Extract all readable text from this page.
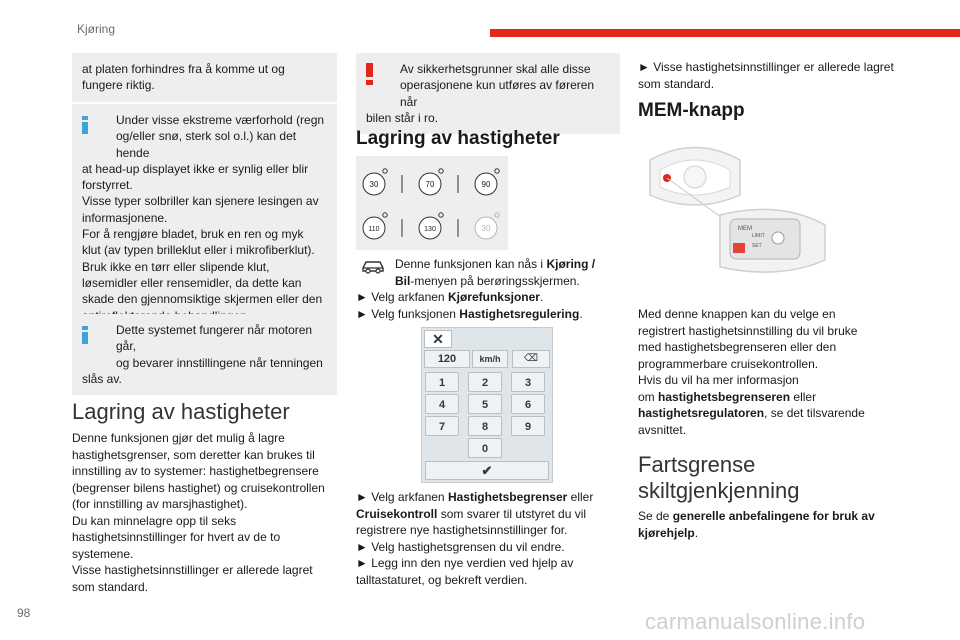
Kjøring
98	carmanualsonline.info
at platen forhindres fra å komme ut og
fungere riktig.
Under visse ekstreme værforhold (regn
og/eller snø, sterk sol o.l.) kan det hende
at head-up displayet ikke er synlig eller blir
forstyrret.
Visse typer solbriller kan sjenere lesingen av
informasjonene.
For å rengjøre bladet, bruk en ren og myk
klut (av typen brilleklut eller i mikrofiberklut).
Bruk ikke en tørr eller slipende klut,
løsemidler eller rensemidler, da dette kan
skade den gjennomsiktige skjermen eller den
Dette systemet fungerer når motoren går,
og bevarer innstillingene når tenningen
slås av.
Lagring av hastigheter
Denne funksjonen gjør det mulig å lagre
hastighetsgrenser, som deretter kan brukes til
innstilling av to systemer: hastighetbegrensere
(begrenser bilens hastighet) og cruisekontrollen
(for innstilling av marsjhastighet).
Du kan minnelagre opp til seks
hastighetsinnstillinger for hvert av de to
systemene.
Visse hastighetsinnstillinger er allerede lagret
som standard.
Av sikkerhetsgrunner skal alle disse
operasjonene kun utføres av føreren når
bilen står i ro.
Lagring av hastigheter
30	70	90
110	130	30
Denne funksjonen kan nås i Kjøring /
Bil-menyen på berøringsskjermen.
► Velg arkfanen Kjørefunksjoner.
► Velg funksjonen Hastighetsregulering.
✕
120	km/h	⌫
1	2	3
4	5	6
7	8	9
0
✔
► Velg arkfanen Hastighetsbegrenser eller
Cruisekontroll som svarer til utstyret du vil
registrere nye hastighetsinnstillinger for.
► Velg hastighetsgrensen du vil endre.
► Legg inn den nye verdien ved hjelp av
talltastaturet, og bekreft verdien.
► Visse hastighetsinnstillinger er allerede lagret
som standard.
MEM-knapp
MEM
LIMIT
SET
Med denne knappen kan du velge en
registrert hastighetsinnstilling du vil bruke
med hastighetsbegrenseren eller den
programmerbare cruisekontrollen.
Hvis du vil ha mer informasjon
om hastighetsbegrenseren eller
hastighetsregulatoren, se det tilsvarende
avsnittet.
Fartsgrense
skiltgjenkjenning
Se de generelle anbefalingene for bruk av
kjørehjelp.
